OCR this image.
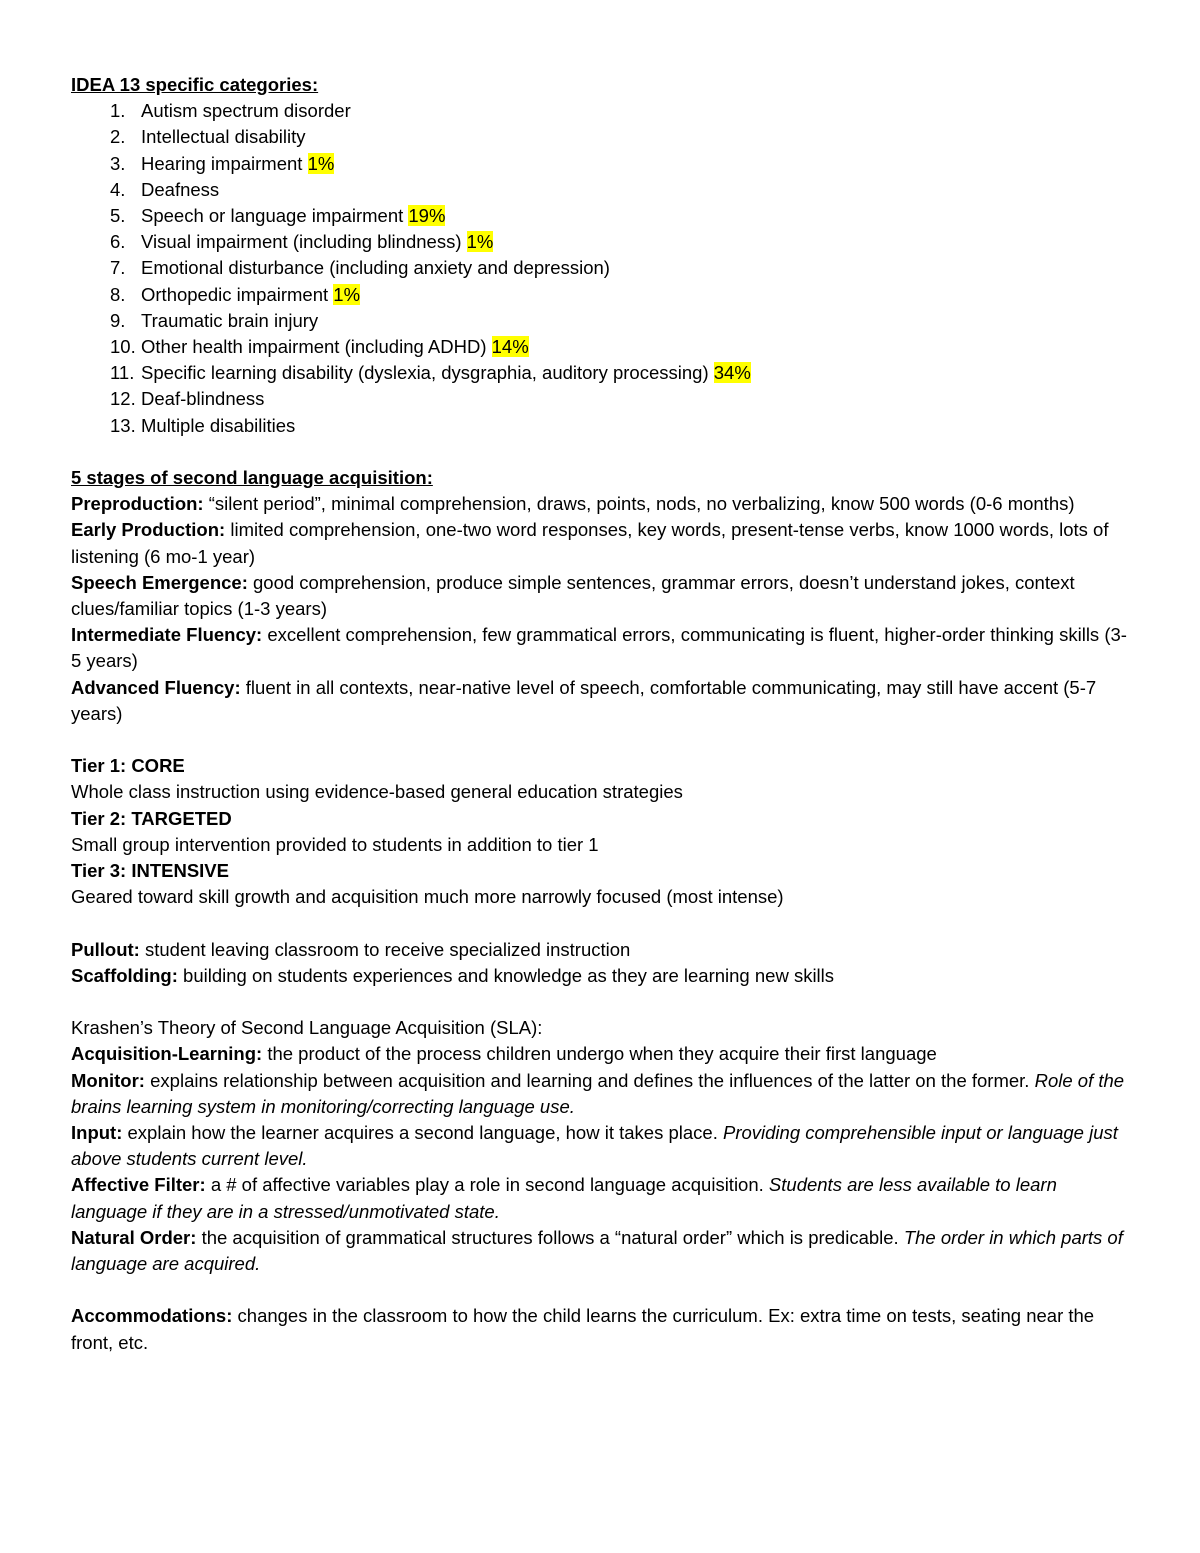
IDEA 13 specific categories:

1. Autism spectrum disorder
2. Intellectual disability
3. Hearing impairment 1%
4. Deafness
5. Speech or language impairment 19%
6. Visual impairment (including blindness) 1%
7. Emotional disturbance (including anxiety and depression)
8. Orthopedic impairment 1%
9. Traumatic brain injury
10. Other health impairment (including ADHD) 14%
11. Specific learning disability (dyslexia, dysgraphia, auditory processing) 34%
12. Deaf-blindness
13. Multiple disabilities

5 stages of second language acquisition:

Preproduction: “silent period”, minimal comprehension, draws, points, nods, no verbalizing, know 500 words (0-6 months)

Early Production: limited comprehension, one-two word responses, key words, present-tense verbs, know 1000 words, lots of listening (6 mo-1 year)

Speech Emergence: good comprehension, produce simple sentences, grammar errors, doesn’t understand jokes, context clues/familiar topics (1-3 years)

Intermediate Fluency: excellent comprehension, few grammatical errors, communicating is fluent, higher-order thinking skills (3-5 years)

Advanced Fluency: fluent in all contexts, near-native level of speech, comfortable communicating, may still have accent (5-7 years)

Tier 1: CORE

Whole class instruction using evidence-based general education strategies

Tier 2: TARGETED

Small group intervention provided to students in addition to tier 1

Tier 3: INTENSIVE

Geared toward skill growth and acquisition much more narrowly focused (most intense)

Pullout: student leaving classroom to receive specialized instruction

Scaffolding: building on students experiences and knowledge as they are learning new skills

Krashen’s Theory of Second Language Acquisition (SLA):

Acquisition-Learning: the product of the process children undergo when they acquire their first language

Monitor: explains relationship between acquisition and learning and defines the influences of the latter on the former. Role of the brains learning system in monitoring/correcting language use.

Input: explain how the learner acquires a second language, how it takes place. Providing comprehensible input or language just above students current level.

Affective Filter: a # of affective variables play a role in second language acquisition. Students are less available to learn language if they are in a stressed/unmotivated state.

Natural Order: the acquisition of grammatical structures follows a “natural order” which is predicable. The order in which parts of language are acquired.

Accommodations: changes in the classroom to how the child learns the curriculum. Ex: extra time on tests, seating near the front, etc.
